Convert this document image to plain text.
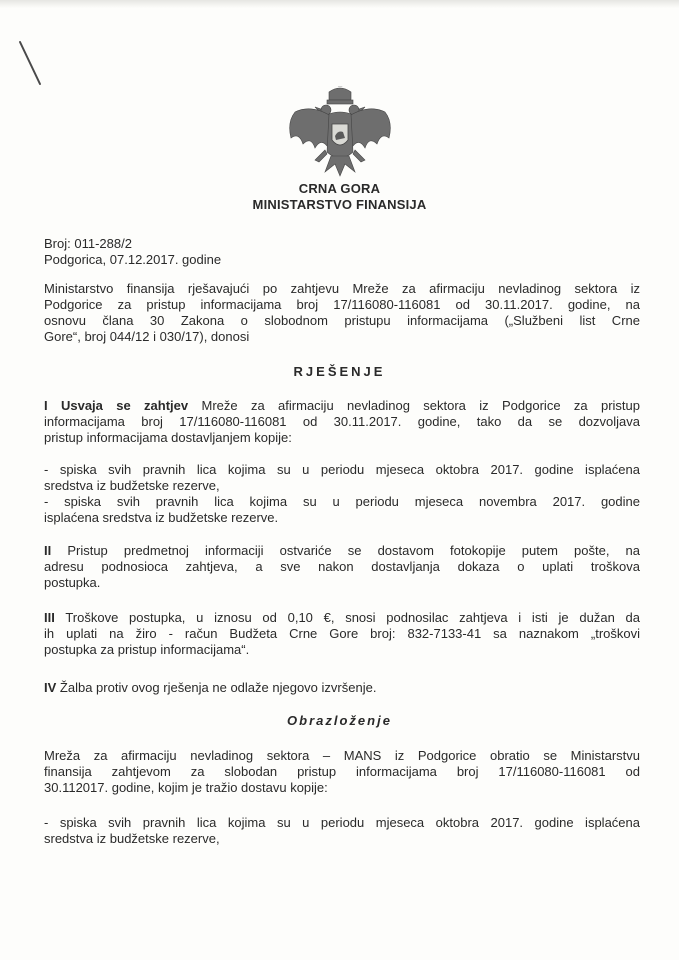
CRNA GORA
MINISTARSTVO FINANSIJA
Broj: 011-288/2
Podgorica, 07.12.2017. godine
Ministarstvo finansija rješavajući po zahtjevu Mreže za afirmaciju nevladinog sektora iz
Podgorice za pristup informacijama broj 17/116080-116081 od 30.11.2017. godine, na
osnovu člana 30 Zakona o slobodnom pristupu informacijama („Službeni list Crne
Gore“, broj 044/12 i 030/17), donosi
RJEŠENJE
I Usvaja se zahtjev Mreže za afirmaciju nevladinog sektora iz Podgorice za pristup
informacijama broj 17/116080-116081 od 30.11.2017. godine, tako da se dozvoljava
pristup informacijama dostavljanjem kopije:
- spiska svih pravnih lica kojima su u periodu mjeseca oktobra 2017. godine isplaćena
sredstva iz budžetske rezerve,
- spiska svih pravnih lica kojima su u periodu mjeseca novembra 2017. godine
isplaćena sredstva iz budžetske rezerve.
II Pristup predmetnoj informaciji ostvariće se dostavom fotokopije putem pošte, na
adresu podnosioca zahtjeva, a sve nakon dostavljanja dokaza o uplati troškova
postupka.
III Troškove postupka, u iznosu od 0,10 €, snosi podnosilac zahtjeva i isti je dužan da
ih uplati na žiro - račun Budžeta Crne Gore broj: 832-7133-41 sa naznakom „troškovi
postupka za pristup informacijama“.
IV Žalba protiv ovog rješenja ne odlaže njegovo izvršenje.
Obrazloženje
Mreža za afirmaciju nevladinog sektora – MANS iz Podgorice obratio se Ministarstvu
finansija zahtjevom za slobodan pristup informacijama broj 17/116080-116081 od
30.112017. godine, kojim je tražio dostavu kopije:
- spiska svih pravnih lica kojima su u periodu mjeseca oktobra 2017. godine isplaćena
sredstva iz budžetske rezerve,
